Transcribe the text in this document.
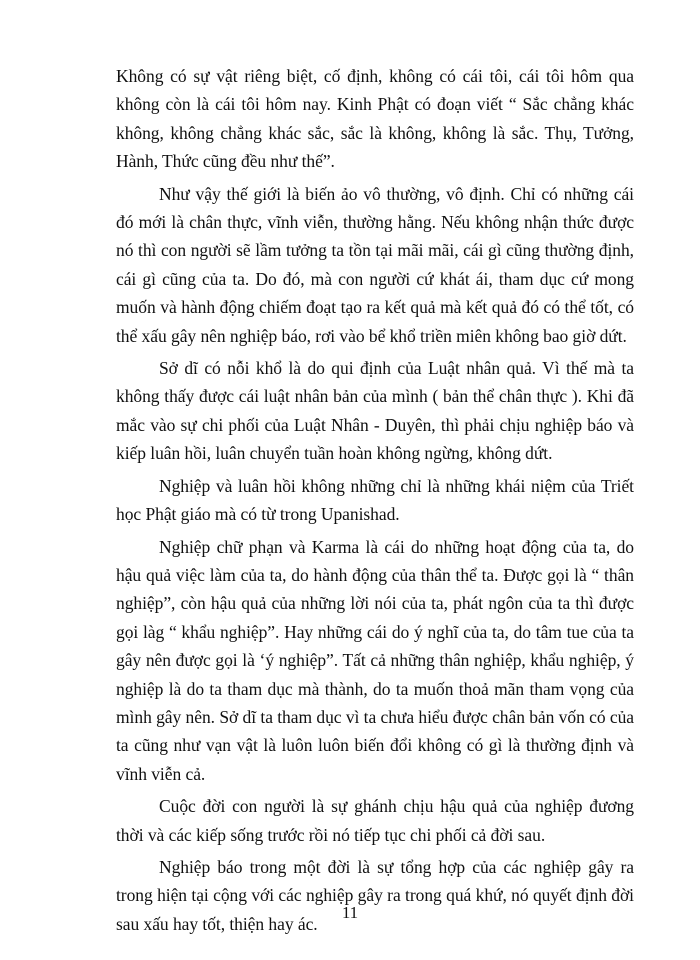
Không có sự vật riêng biệt, cố định, không có cái tôi, cái tôi hôm qua không còn là cái tôi hôm nay. Kinh Phật có đoạn viết “ Sắc chẳng khác không, không chẳng khác sắc, sắc là không, không là sắc. Thụ, Tưởng, Hành, Thức cũng đều như thế”.

Như vậy thế giới là biến ảo vô thường, vô định. Chỉ có những cái đó mới là chân thực, vĩnh viễn, thường hằng. Nếu không nhận thức được nó thì con người sẽ lầm tưởng ta tồn tại mãi mãi, cái gì cũng thường định, cái gì cũng của ta. Do đó, mà con người cứ khát ái, tham dục cứ mong muốn và hành động chiếm đoạt tạo ra kết quả mà kết quả đó có thể tốt, có thể xấu gây nên nghiệp báo, rơi vào bể khổ triền miên không bao giờ dứt.

Sở dĩ có nỗi khổ là do qui định của Luật nhân quả. Vì thế mà ta không thấy được cái luật nhân bản của mình ( bản thể chân thực ). Khi đã mắc vào sự chi phối của Luật Nhân - Duyên, thì phải chịu nghiệp báo và kiếp luân hồi, luân chuyển tuần hoàn không ngừng, không dứt.

Nghiệp và luân hồi không những chỉ là những khái niệm của Triết học Phật giáo mà có từ trong Upanishad.

Nghiệp chữ phạn và Karma là cái do những hoạt động của ta, do hậu quả việc làm của ta, do hành động của thân thể ta. Được gọi là “ thân nghiệp”, còn hậu quả của những lời nói của ta, phát ngôn của ta thì được gọi làg “ khẩu nghiệp”. Hay những cái do ý nghĩ của ta, do tâm tue của ta gây nên được gọi là ‘ý nghiệp”. Tất cả những thân nghiệp, khẩu nghiệp, ý nghiệp là do ta tham dục mà thành, do ta muốn thoả mãn tham vọng của mình gây nên. Sở dĩ ta tham dục vì ta chưa hiểu được chân bản vốn có của ta cũng như vạn vật là luôn luôn biến đổi không có gì là thường định và vĩnh viễn cả.

Cuộc đời con người là sự ghánh chịu hậu quả của nghiệp đương thời và các kiếp sống trước rồi nó tiếp tục chi phối cả đời sau.

Nghiệp báo trong một đời là sự tổng hợp của các nghiệp gây ra trong hiện tại cộng với các nghiệp gây ra trong quá khứ, nó quyết định đời sau xấu hay tốt, thiện hay ác.

11
